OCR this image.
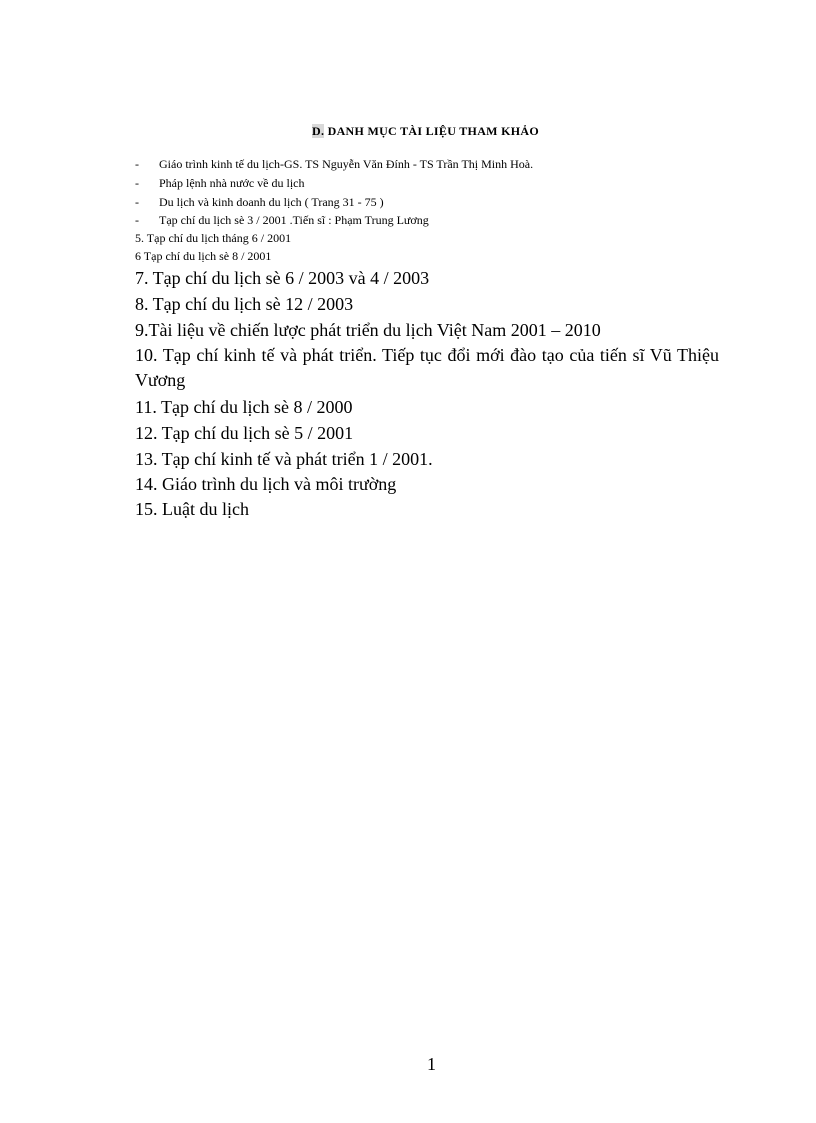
D. DANH MỤC TÀI LIỆU THAM KHẢO
- Giáo trình kinh tế du lịch-GS. TS Nguyễn Văn Đính - TS Trần Thị Minh Hoà.
- Pháp lệnh nhà nước về du lịch
- Du lịch và kinh doanh du lịch ( Trang 31 - 75 )
- Tạp chí du lịch sè 3 / 2001 .Tiến sĩ : Phạm Trung Lương
5. Tạp chí du lịch tháng 6 / 2001
6 Tạp chí du lịch sè 8 / 2001
7. Tạp chí du lịch sè 6 / 2003 và 4 / 2003
8. Tạp chí du lịch sè 12 / 2003
9.Tài liệu về chiến lược phát triển du lịch Việt Nam 2001 – 2010
10. Tạp chí kinh tế và phát triển. Tiếp tục đổi mới đào tạo của tiến sĩ Vũ Thiệu Vương
11. Tạp chí du lịch sè 8 / 2000
12. Tạp chí du lịch sè 5 / 2001
13. Tạp chí kinh tế và phát triển 1 / 2001.
14. Giáo trình du lịch và môi trường
15. Luật du lịch
1
